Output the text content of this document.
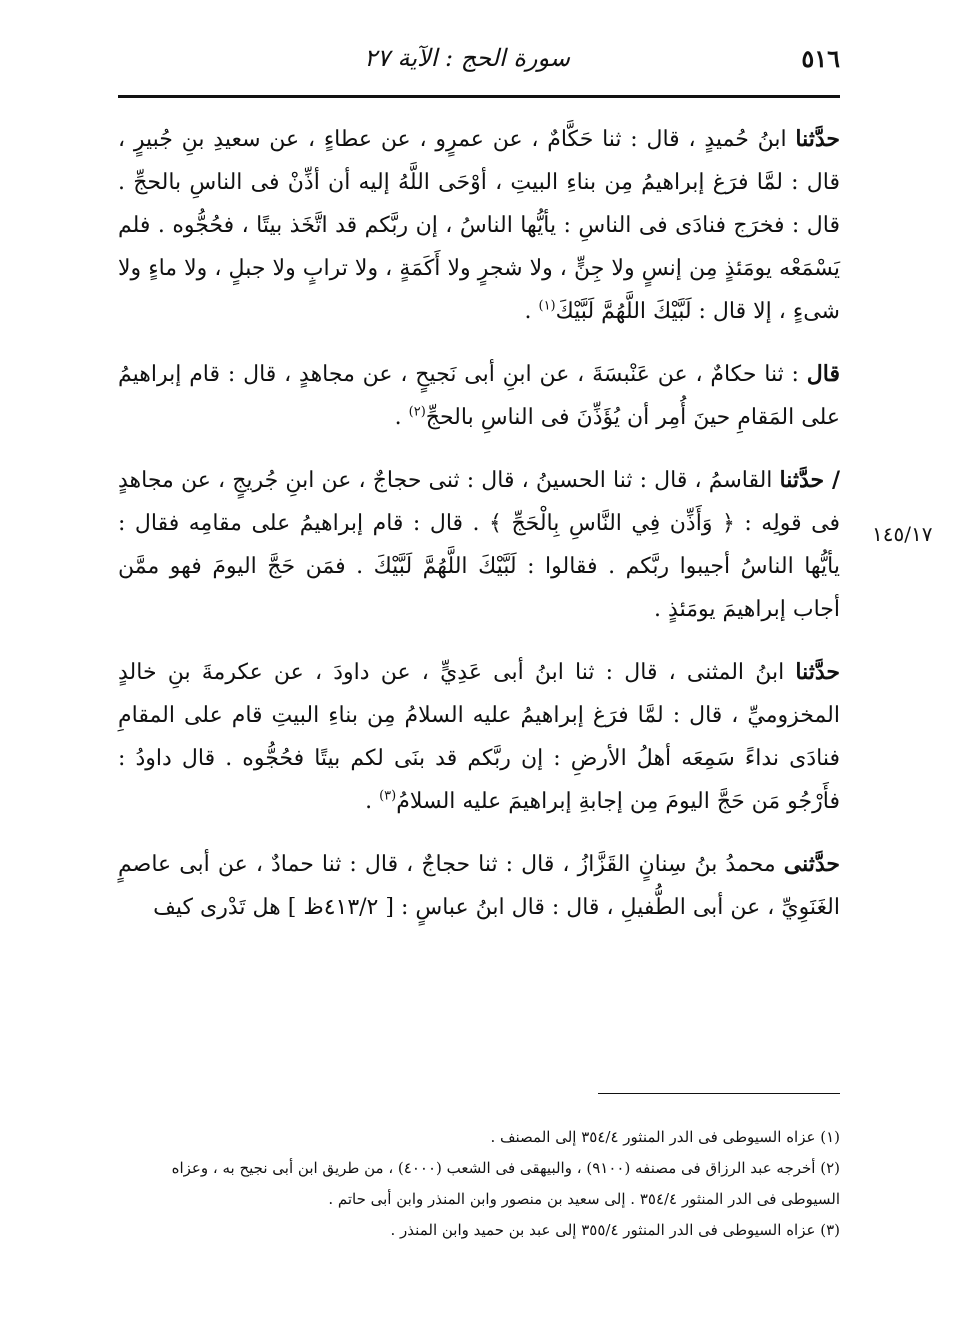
٥١٦
سورة الحج : الآية ٢٧
١٤٥/١٧

حدَّثنا ابنُ حُميدٍ ، قال : ثنا حَكَّامٌ ، عن عمرٍو ، عن عطاءٍ ، عن سعيدِ بنِ جُبيرٍ ، قال : لمَّا فرَغ إبراهيمُ مِن بناءِ البيتِ ، أوْحَى اللَّهُ إليه أن أذِّنْ فى الناسِ بالحجِّ . قال : فخرَج فنادَى فى الناسِ : يأيُّها الناسُ ، إن ربَّكم قد اتَّخَذ بيتًا ، فحُجُّوه . فلم يَسْمَعْه يومَئذٍ مِن إنسٍ ولا جِنٍّ ، ولا شجرٍ ولا أَكَمَةٍ ، ولا ترابٍ ولا جبلٍ ، ولا ماءٍ ولا شىءٍ ، إلا قال : لَبَّيْكَ اللَّهُمَّ لَبَّيْكَ$^{(١)}$ .

قال : ثنا حكامٌ ، عن عَنْبسَةَ ، عن ابنِ أبى نَجيحٍ ، عن مجاهدٍ ، قال : قام إبراهيمُ على المَقامِ حينَ أُمِر أن يُؤَذِّنَ فى الناسِ بالحجِّ$^{(٢)}$ .

/ حدَّثنا القاسمُ ، قال : ثنا الحسينُ ، قال : ثنى حجاجٌ ، عن ابنِ جُريجٍ ، عن مجاهدٍ فى قولِه : ﴿ وَأَذِّن فِي النَّاسِ بِالْحَجِّ ﴾ . قال : قام إبراهيمُ على مقامِه فقال : يأيُّها الناسُ أجيبوا ربَّكم . فقالوا : لَبَّيْكَ اللَّهُمَّ لَبَّيْكَ . فمَن حَجَّ اليومَ فهو ممَّن أجاب إبراهيمَ يومَئذٍ .

حدَّثنا ابنُ المثنى ، قال : ثنا ابنُ أبى عَدِيٍّ ، عن داودَ ، عن عكرمةَ بنِ خالدٍ المخزوميِّ ، قال : لمَّا فرَغ إبراهيمُ عليه السلامُ مِن بناءِ البيتِ قام على المقامِ فنادَى نداءً سَمِعَه أهلُ الأرضِ : إن ربَّكم قد بنَى لكم بيتًا فحُجُّوه . قال داودُ : فأَرْجُو مَن حَجَّ اليومَ مِن إجابةِ إبراهيمَ عليه السلامُ$^{(٣)}$ .

حدَّثنى محمدُ بنُ سِنانٍ القَزَّازُ ، قال : ثنا حجاجٌ ، قال : ثنا حمادٌ ، عن أبى عاصمٍ الغَنَوِيِّ ، عن أبى الطُّفيلِ ، قال : قال ابنُ عباسٍ : [ ٤١٣/٢ظ ] هل تَدْرى كيف

(١) عزاه السيوطى فى الدر المنثور ٣٥٤/٤ إلى المصنف .

(٢) أخرجه عبد الرزاق فى مصنفه (٩١٠٠) ، والبيهقى فى الشعب (٤٠٠٠) ، من طريق ابن أبى نجيح به ، وعزاه السيوطى فى الدر المنثور ٣٥٤/٤ . إلى سعيد بن منصور وابن المنذر وابن أبى حاتم .

(٣) عزاه السيوطى فى الدر المنثور ٣٥٥/٤ إلى عبد بن حميد وابن المنذر .
